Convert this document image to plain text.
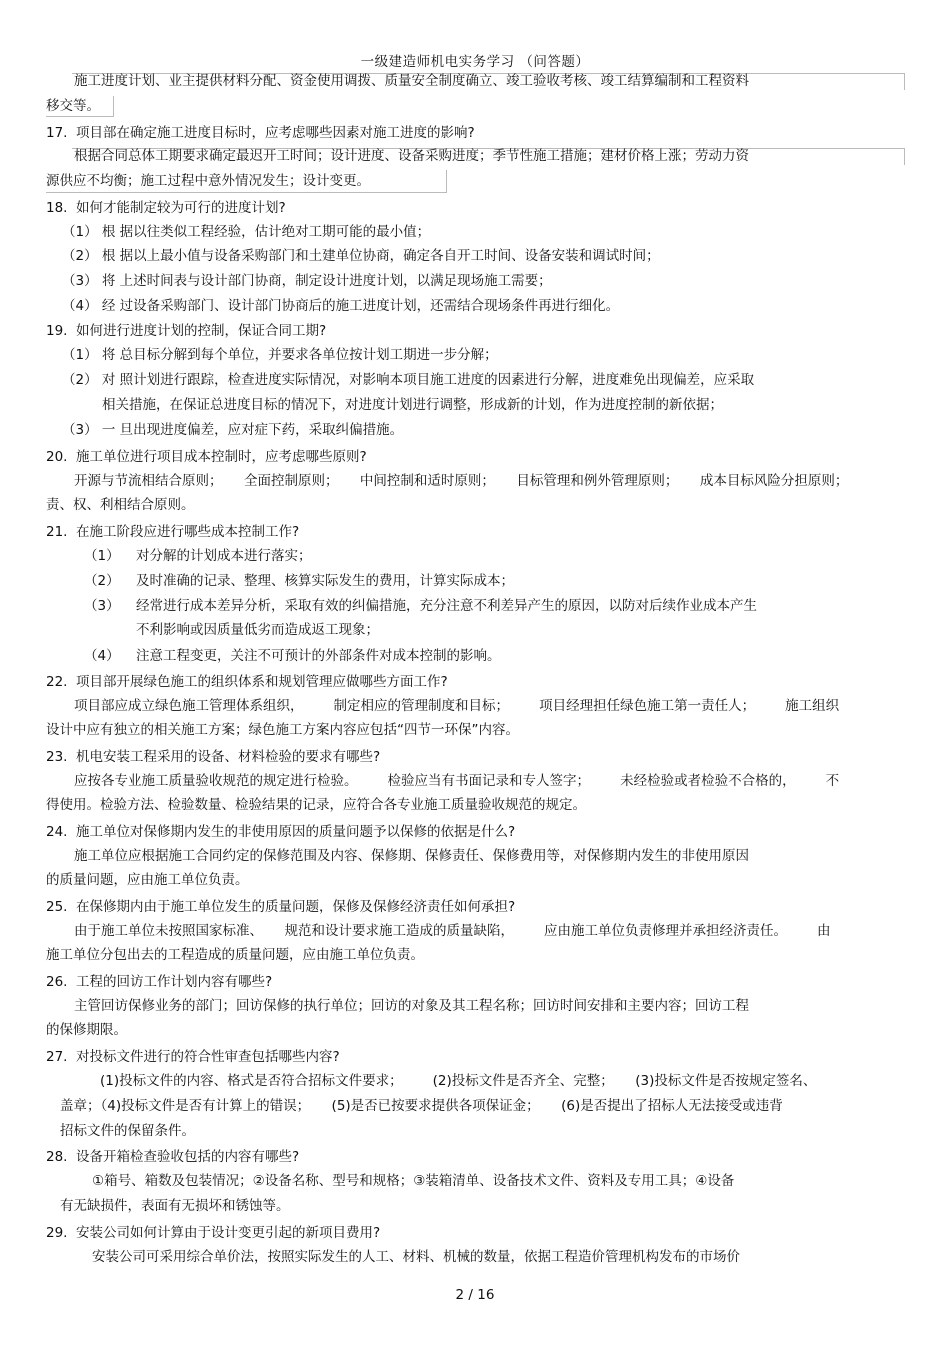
一级建造师机电实务学习 （问答题）
施工进度计划、业主提供材料分配、资金使用调拨、质量安全制度确立、竣工验收考核、竣工结算编制和工程资料
移交等。
17.  项目部在确定施工进度目标时，应考虑哪些因素对施工进度的影响?
根据合同总体工期要求确定最迟开工时间；设计进度、设备采购进度；季节性施工措施；建材价格上涨；劳动力资
源供应不均衡；施工过程中意外情况发生；设计变更。
18.  如何才能制定较为可行的进度计划?
（1） 根 据以往类似工程经验，估计绝对工期可能的最小值；
（2） 根 据以上最小值与设备采购部门和土建单位协商，确定各自开工时间、设备安装和调试时间；
（3） 将 上述时间表与设计部门协商，制定设计进度计划，以满足现场施工需要；
（4） 经 过设备采购部门、设计部门协商后的施工进度计划，还需结合现场条件再进行细化。
19.  如何进行进度计划的控制，保证合同工期?
（1） 将 总目标分解到每个单位，并要求各单位按计划工期进一步分解；
（2） 对 照计划进行跟踪，检查进度实际情况，对影响本项目施工进度的因素进行分解，进度难免出现偏差，应采取
相关措施，在保证总进度目标的情况下，对进度计划进行调整，形成新的计划，作为进度控制的新依据；
（3） 一 旦出现进度偏差，应对症下药，采取纠偏措施。
20.  施工单位进行项目成本控制时，应考虑哪些原则?
开源与节流相结合原则；     全面控制原则；     中间控制和适时原则；     目标管理和例外管理原则；     成本目标风险分担原则；
责、权、利相结合原则。
21.  在施工阶段应进行哪些成本控制工作?
（1） 对分解的计划成本进行落实；
（2） 及时准确的记录、整理、核算实际发生的费用，计算实际成本；
（3） 经常进行成本差异分析，采取有效的纠偏措施，充分注意不利差异产生的原因，以防对后续作业成本产生
不利影响或因质量低劣而造成返工现象；
（4） 注意工程变更，关注不可预计的外部条件对成本控制的影响。
22.  项目部开展绿色施工的组织体系和规划管理应做哪些方面工作?
项目部应成立绿色施工管理体系组织，       制定相应的管理制度和目标；       项目经理担任绿色施工第一责任人；       施工组织
设计中应有独立的相关施工方案；绿色施工方案内容应包括“四节一环保”内容。
23.  机电安装工程采用的设备、材料检验的要求有哪些?
应按各专业施工质量验收规范的规定进行检验。       检验应当有书面记录和专人签字；       未经检验或者检验不合格的，       不
得使用。检验方法、检验数量、检验结果的记录，应符合各专业施工质量验收规范的规定。
24.  施工单位对保修期内发生的非使用原因的质量问题予以保修的依据是什么?
施工单位应根据施工合同约定的保修范围及内容、保修期、保修责任、保修费用等，对保修期内发生的非使用原因
的质量问题，应由施工单位负责。
25.  在保修期内由于施工单位发生的质量问题，保修及保修经济责任如何承担?
由于施工单位未按照国家标准、     规范和设计要求施工造成的质量缺陷，       应由施工单位负责修理并承担经济责任。       由
施工单位分包出去的工程造成的质量问题，应由施工单位负责。
26.  工程的回访工作计划内容有哪些?
主管回访保修业务的部门；回访保修的执行单位；回访的对象及其工程名称；回访时间安排和主要内容；回访工程
的保修期限。
27.  对投标文件进行的符合性审查包括哪些内容?
(1)投标文件的内容、格式是否符合招标文件要求；       (2)投标文件是否齐全、完整；     (3)投标文件是否按规定签名、
盖章；（4)投标文件是否有计算上的错误；     (5)是否已按要求提供各项保证金；     (6)是否提出了招标人无法接受或违背
招标文件的保留条件。
28.  设备开箱检查验收包括的内容有哪些?
①箱号、箱数及包装情况；②设备名称、型号和规格；③装箱清单、设备技术文件、资料及专用工具；④设备
有无缺损件，表面有无损坏和锈蚀等。
29.  安装公司如何计算由于设计变更引起的新项目费用?
安装公司可采用综合单价法，按照实际发生的人工、材料、机械的数量，依据工程造价管理机构发布的市场价
2 / 16
